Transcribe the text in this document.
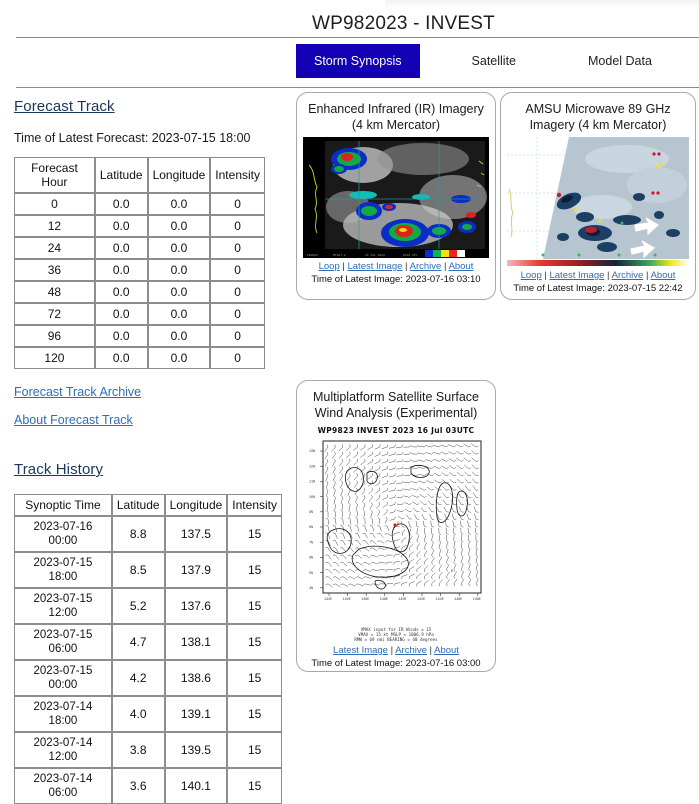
WP982023 - INVEST
Storm Synopsis	Satellite	Model Data
Forecast Track
Time of Latest Forecast: 2023-07-15 18:00
Forecast Hour	Latitude	Longitude	Intensity
0	0.0	0.0	0
12	0.0	0.0	0
24	0.0	0.0	0
36	0.0	0.0	0
48	0.0	0.0	0
72	0.0	0.0	0
96	0.0	0.0	0
120	0.0	0.0	0
Forecast Track Archive
About Forecast Track
Track History
Synoptic Time	Latitude	Longitude	Intensity
2023-07-16 00:00	8.8	137.5	15
2023-07-15 18:00	8.5	137.9	15
2023-07-15 12:00	5.2	137.6	15
2023-07-15 06:00	4.7	138.1	15
2023-07-15 00:00	4.2	138.6	15
2023-07-14 18:00	4.0	139.1	15
2023-07-14 12:00	3.8	139.5	15
2023-07-14 06:00	3.6	140.1	15
Enhanced Infrared (IR) Imagery (4 km Mercator)
IR0001	MTSAT-2	16 JUL 2023	0310 UTC
Loop | Latest Image | Archive | About
Time of Latest Image: 2023-07-16 03:10
AMSU Microwave 89 GHz Imagery (4 km Mercator)
Loop | Latest Image | Archive | About
Time of Latest Image: 2023-07-15 22:42
Multiplatform Satellite Surface Wind Analysis (Experimental)
WP9823 INVEST 2023 16 Jul 03UTC
13N
12N
11N
10N
9N
8N
7N
6N
5N
4N
132E	134E	136E	138E	140E	142E	144E	146E	148E
A
D
VMAX input for IR Winds = 15
VMAX = 15 kt MSLP = 1006.9 hPa
RMW = 69 nmi BEARING = 40 degrees
Latest Image | Archive | About
Time of Latest Image: 2023-07-16 03:00
